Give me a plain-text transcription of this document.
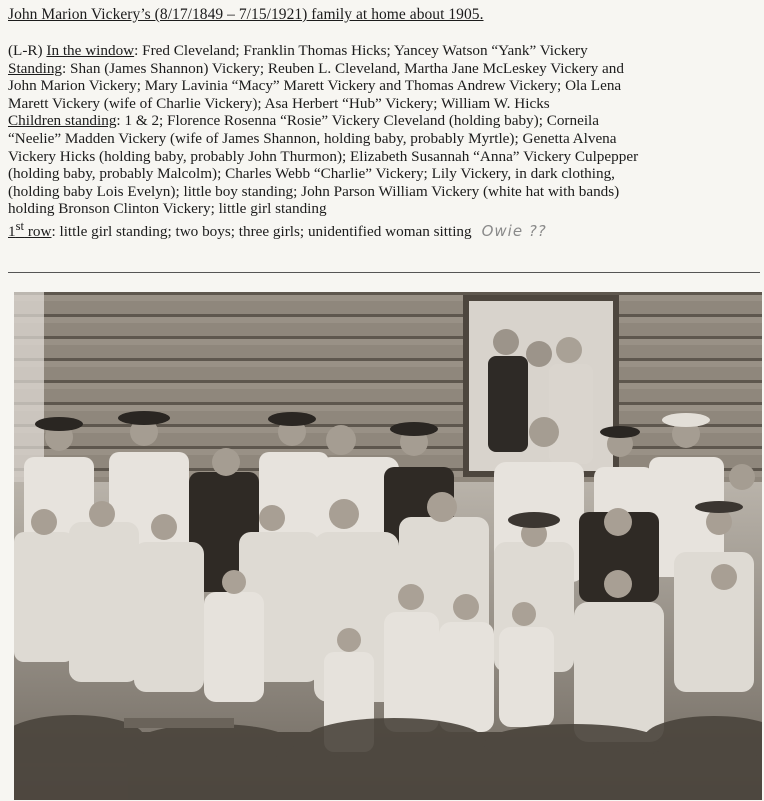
John Marion Vickery’s (8/17/1849 – 7/15/1921) family at home about 1905.
(L-R) In the window: Fred Cleveland; Franklin Thomas Hicks; Yancey Watson “Yank” Vickery
Standing: Shan (James Shannon) Vickery; Reuben L. Cleveland, Martha Jane McLeskey Vickery and
John Marion Vickery; Mary Lavinia “Macy” Marett Vickery and Thomas Andrew Vickery; Ola Lena
Marett Vickery (wife of Charlie Vickery); Asa Herbert “Hub” Vickery; William W. Hicks
Children standing: 1 & 2; Florence Rosenna “Rosie” Vickery Cleveland (holding baby); Corneila
“Neelie” Madden Vickery (wife of James Shannon, holding baby, probably Myrtle); Genetta Alvena
Vickery Hicks (holding baby, probably John Thurmon); Elizabeth Susannah “Anna” Vickery Culpepper
(holding baby, probably Malcolm); Charles Webb “Charlie” Vickery; Lily Vickery, in dark clothing,
(holding baby Lois Evelyn); little boy standing; John Parson William Vickery (white hat with bands)
holding Bronson Clinton Vickery; little girl standing
1st row: little girl standing; two boys; three girls; unidentified woman sitting Owie ??
